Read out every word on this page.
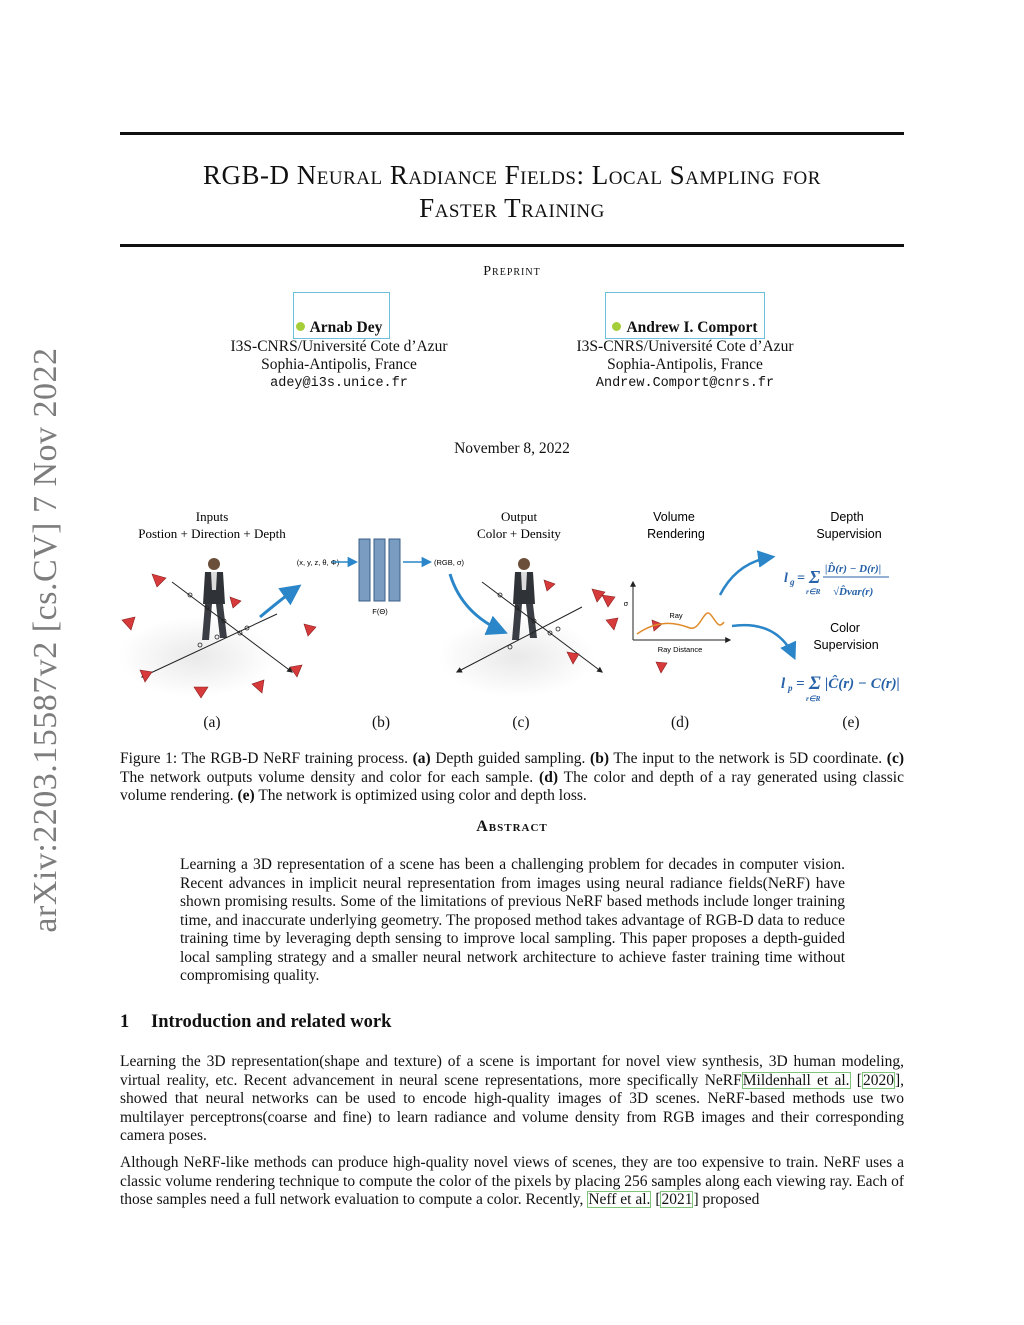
arXiv:2203.15587v2 [cs.CV] 7 Nov 2022
RGB-D Neural Radiance Fields: Local Sampling for
Faster Training
Preprint
Arnab Dey
I3S-CNRS/Université Cote d’Azur
Sophia-Antipolis, France
adey@i3s.unice.fr
Andrew I. Comport
I3S-CNRS/Université Cote d’Azur
Sophia-Antipolis, France
Andrew.Comport@cnrs.fr
November 8, 2022
Inputs
Postion + Direction + Depth
(x, y, z, θ, Φ)
F(Θ)
(RGB, σ)
Output
Color + Density
Volume
Rendering
σ
Ray
Ray Distance
Depth
Supervision
l g = Σ
r∈R
|D̂(r) − D(r)|
√D̂var(r)
Color
Supervision
l p = Σ
r∈R
|Ĉ(r) − C(r)|
(a)	(b)	(c)	(d)	(e)
Figure 1: The RGB-D NeRF training process. (a) Depth guided sampling. (b) The input to the network is 5D coordinate. (c) The network outputs volume density and color for each sample. (d) The color and depth of a ray generated using classic volume rendering. (e) The network is optimized using color and depth loss.
Abstract
Learning a 3D representation of a scene has been a challenging problem for decades in computer vision. Recent advances in implicit neural representation from images using neural radiance fields(NeRF) have shown promising results. Some of the limitations of previous NeRF based methods include longer training time, and inaccurate underlying geometry. The proposed method takes advantage of RGB-D data to reduce training time by leveraging depth sensing to improve local sampling. This paper proposes a depth-guided local sampling strategy and a smaller neural network architecture to achieve faster training time without compromising quality.
1 Introduction and related work
Learning the 3D representation(shape and texture) of a scene is important for novel view synthesis, 3D human modeling, virtual reality, etc. Recent advancement in neural scene representations, more specifically NeRFMildenhall et al. [2020], showed that neural networks can be used to encode high-quality images of 3D scenes. NeRF-based methods use two multilayer perceptrons(coarse and fine) to learn radiance and volume density from RGB images and their corresponding camera poses.
Although NeRF-like methods can produce high-quality novel views of scenes, they are too expensive to train. NeRF uses a classic volume rendering technique to compute the color of the pixels by placing 256 samples along each viewing ray. Each of those samples need a full network evaluation to compute a color. Recently, Neff et al. [2021] proposed
